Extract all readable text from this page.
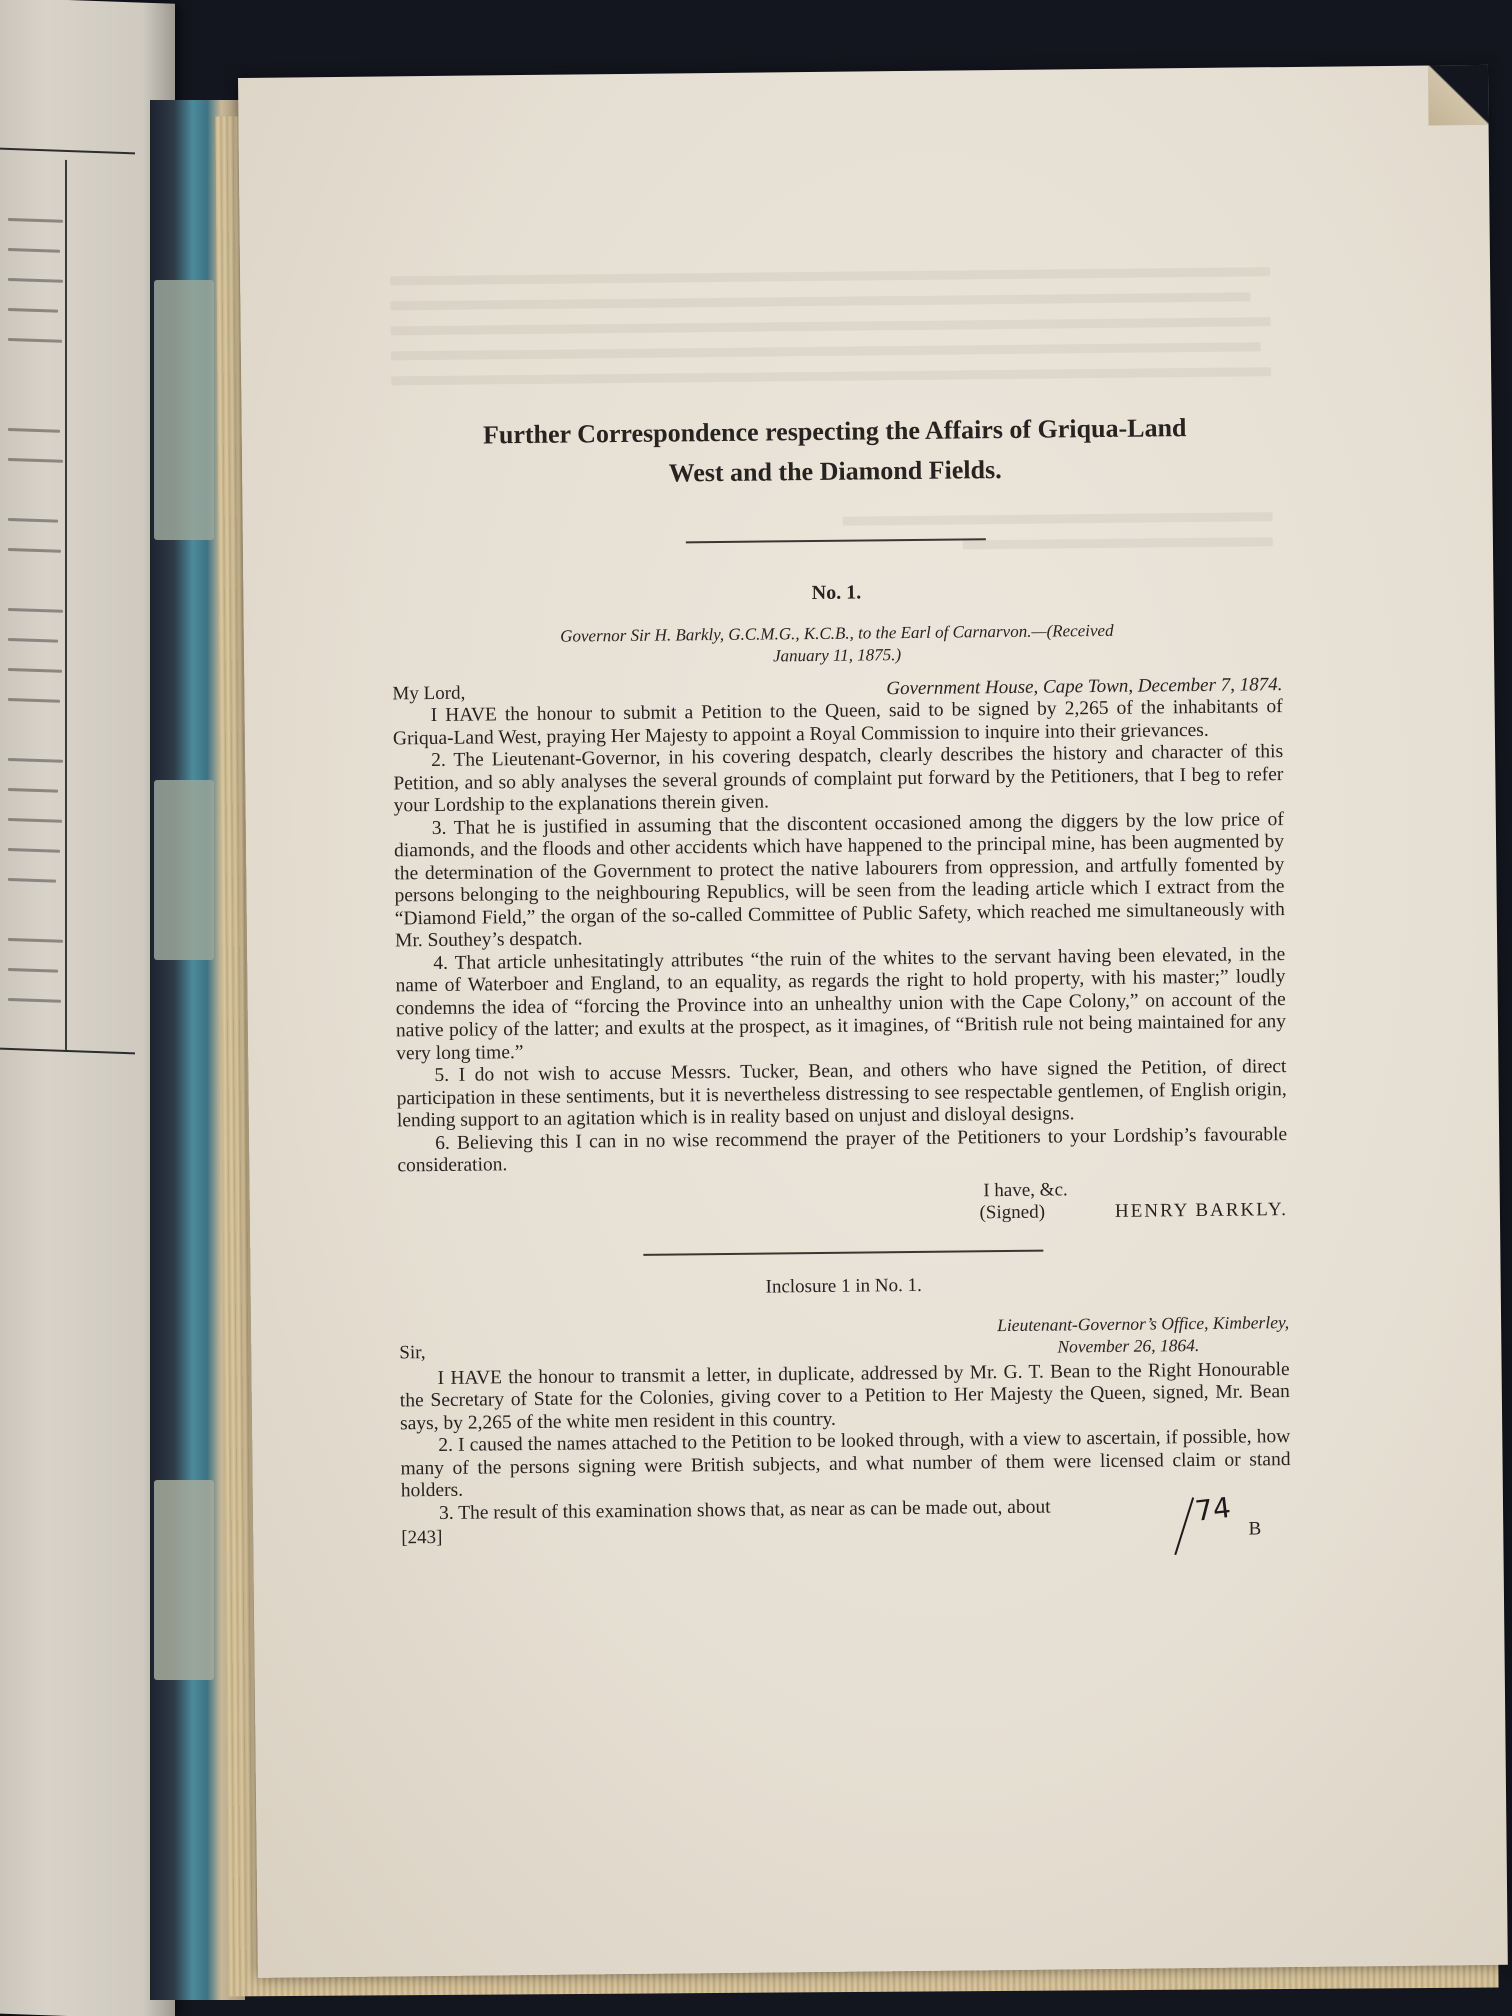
Further Correspondence respecting the Affairs of Griqua-Land

West and the Diamond Fields.

No. 1.

Governor Sir H. Barkly, G.C.M.G., K.C.B., to the Earl of Carnarvon.—(Received

January 11, 1875.)

My Lord,	Government House, Cape Town, December 7, 1874.

I HAVE the honour to submit a Petition to the Queen, said to be signed by 2,265 of the inhabitants of Griqua-Land West, praying Her Majesty to appoint a Royal Commission to inquire into their grievances.

2. The Lieutenant-Governor, in his covering despatch, clearly describes the history and character of this Petition, and so ably analyses the several grounds of complaint put forward by the Petitioners, that I beg to refer your Lordship to the explanations therein given.

3. That he is justified in assuming that the discontent occasioned among the diggers by the low price of diamonds, and the floods and other accidents which have happened to the principal mine, has been augmented by the determination of the Government to protect the native labourers from oppression, and artfully fomented by persons belonging to the neighbouring Republics, will be seen from the leading article which I extract from the “Diamond Field,” the organ of the so-called Committee of Public Safety, which reached me simultaneously with Mr. Southey’s despatch.

4. That article unhesitatingly attributes “the ruin of the whites to the servant having been elevated, in the name of Waterboer and England, to an equality, as regards the right to hold property, with his master;” loudly condemns the idea of “forcing the Province into an unhealthy union with the Cape Colony,” on account of the native policy of the latter; and exults at the prospect, as it imagines, of “British rule not being maintained for any very long time.”

5. I do not wish to accuse Messrs. Tucker, Bean, and others who have signed the Petition, of direct participation in these sentiments, but it is nevertheless distressing to see respectable gentlemen, of English origin, lending support to an agitation which is in reality based on unjust and disloyal designs.

6. Believing this I can in no wise recommend the prayer of the Petitioners to your Lordship’s favourable consideration.

I have, &c.

(Signed)	HENRY BARKLY.

Inclosure 1 in No. 1.

Lieutenant-Governor’s Office, Kimberley,
November 26, 1864.

Sir,

I HAVE the honour to transmit a letter, in duplicate, addressed by Mr. G. T. Bean to the Right Honourable the Secretary of State for the Colonies, giving cover to a Petition to Her Majesty the Queen, signed, Mr. Bean says, by 2,265 of the white men resident in this country.

2. I caused the names attached to the Petition to be looked through, with a view to ascertain, if possible, how many of the persons signing were British subjects, and what number of them were licensed claim or stand holders.

3. The result of this examination shows that, as near as can be made out, about

[243]	B
74
